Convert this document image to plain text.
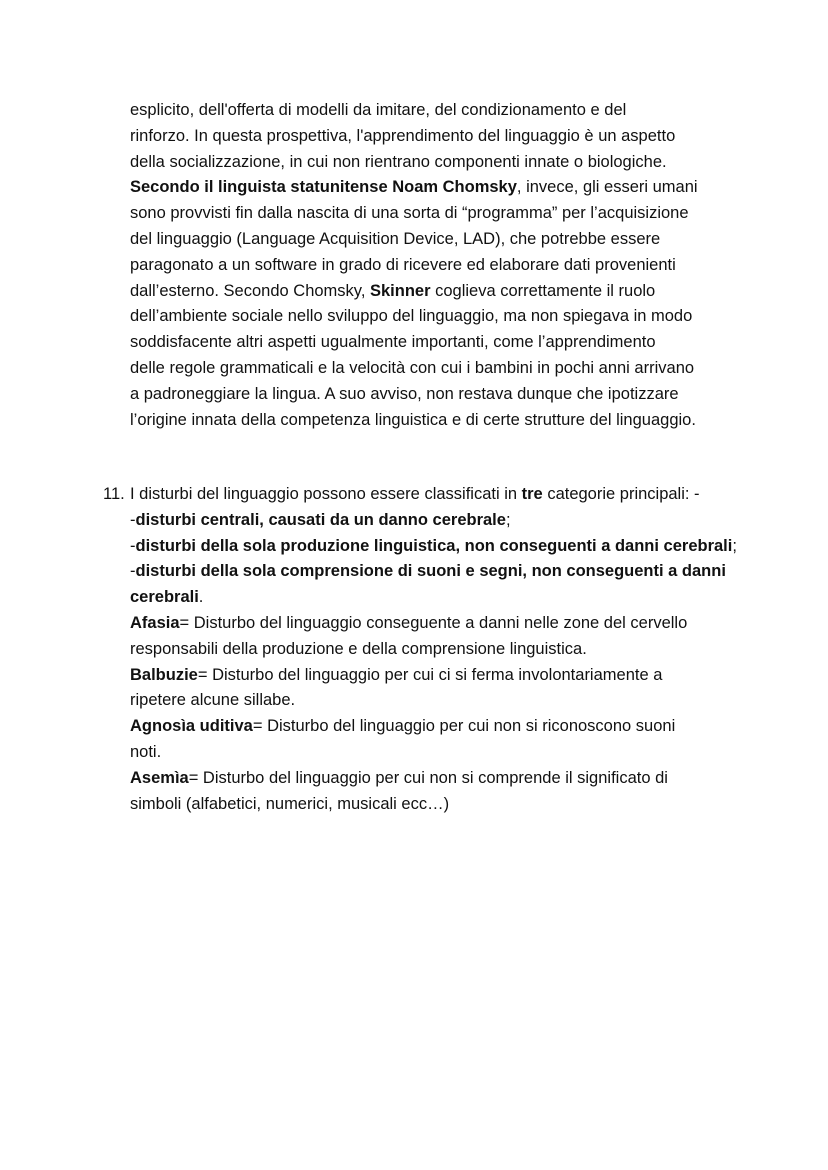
esplicito, dell'offerta di modelli da imitare, del condizionamento e del
rinforzo. In questa prospettiva, l'apprendimento del linguaggio è un aspetto
della socializzazione, in cui non rientrano componenti innate o biologiche.
Secondo il linguista statunitense Noam Chomsky, invece, gli esseri umani
sono provvisti fin dalla nascita di una sorta di “programma” per l’acquisizione
del linguaggio (Language Acquisition Device, LAD), che potrebbe essere
paragonato a un software in grado di ricevere ed elaborare dati provenienti
dall’esterno. Secondo Chomsky, Skinner coglieva correttamente il ruolo
dell’ambiente sociale nello sviluppo del linguaggio, ma non spiegava in modo
soddisfacente altri aspetti ugualmente importanti, come l’apprendimento
delle regole grammaticali e la velocità con cui i bambini in pochi anni arrivano
a padroneggiare la lingua. A suo avviso, non restava dunque che ipotizzare
l’origine innata della competenza linguistica e di certe strutture del linguaggio.
11. I disturbi del linguaggio possono essere classificati in tre categorie principali: -
-disturbi centrali, causati da un danno cerebrale;
-disturbi della sola produzione linguistica, non conseguenti a danni cerebrali;
-disturbi della sola comprensione di suoni e segni, non conseguenti a danni
cerebrali.
Afasia= Disturbo del linguaggio conseguente a danni nelle zone del cervello
responsabili della produzione e della comprensione linguistica.
Balbuzie= Disturbo del linguaggio per cui ci si ferma involontariamente a
ripetere alcune sillabe.
Agnosìa uditiva= Disturbo del linguaggio per cui non si riconoscono suoni
noti.
Asemìa= Disturbo del linguaggio per cui non si comprende il significato di
simboli (alfabetici, numerici, musicali ecc…)
